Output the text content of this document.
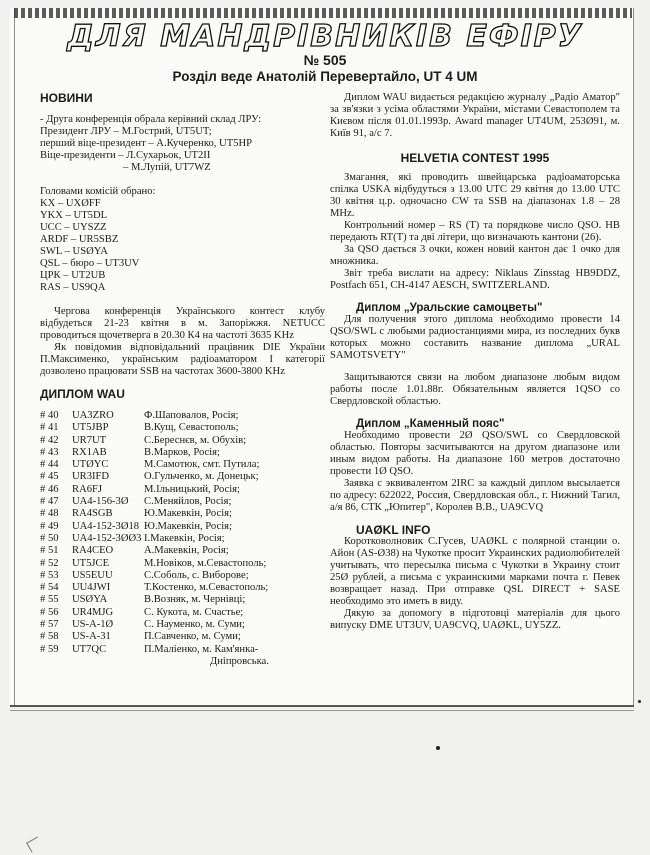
ДЛЯ МАНДРІВНИКІВ ЕФІРУ
№ 505
Розділ веде Анатолій Перевертайло, UT 4 UM

НОВИНИ

- Друга конференція обрала керівний склад ЛРУ:

Президент ЛРУ – М.Гострий, UT5UT;

перший віце-президент – А.Кучеренко, UT5HP

Віце-президенти – Л.Сухарьок, UT2II

– М.Лупій, UT7WZ

Головами комісій обрано:

KX – UXØFF
YKX – UT5DL
UCC – UYSZZ
ARDF – UR5SBZ
SWL – USØYA
QSL – бюро – UT3UV
ЦРК – UT2UB
RAS – US9QA

Чергова конференція Українського контест клубу відбудеться 21-23 квітня в м. Запоріжжя. NETUCC проводиться щочетверга в 20.30 К4 на частоті 3635 KHz

Як повідомив відповідальний працівник DIE України П.Максименко, українським радіоаматором І категорії дозволено працювати SSB на частотах 3600-3800 KHz

ДИПЛОМ WAU

# 40	UA3ZRO	Ф.Шаповалов, Росія;
# 41	UT5JBP	В.Кущ, Севастополь;
# 42	UR7UT	С.Береснєв, м. Обухів;
# 43	RX1AB	В.Марков, Росія;
# 44	UTØYC	М.Самотюк, смт. Путила;
# 45	UR3IFD	О.Гульченко, м. Донецьк;
# 46	RA6FJ	М.Ільницький, Росія;
# 47	UA4-156-3Ø	С.Меняйлов, Росія;
# 48	RA4SGB	Ю.Макевкін, Росія;
# 49	UA4-152-3Ø18	Ю.Макевкін, Росія;
# 50	UA4-152-3ØØ3	І.Макевкін, Росія;
# 51	RA4CEO	А.Макевкін, Росія;
# 52	UT5JCE	М.Новіков, м.Севастополь;
# 53	US5EUU	С.Соболь, с. Виборове;
# 54	UU4JWI	Т.Костенко, м.Севастополь;
# 55	USØYA	В.Возняк, м. Чернівці;
# 56	UR4MJG	С. Кукота, м. Счастье;
# 57	US-A-1Ø	С. Науменко, м. Суми;
# 58	US-A-31	П.Савченко, м. Суми;
# 59	UT7QC	П.Маліенко, м. Кам'янка-

Дніпровська.

Диплом WAU видається редакцією журналу „Радіо Аматор" за зв'язки з усіма областями України, містами Севастополем та Києвом після 01.01.1993р. Award manager UT4UM, 253Ø91, м. Київ 91, а/с 7.

HELVETIA CONTEST 1995

Змагання, які проводить швейцарська радіоаматорська спілка USKA відбудуться з 13.00 UTC 29 квітня до 13.00 UTC 30 квітня ц.р. одночасно CW та SSB на діапазонах 1.8 – 28 MHz.

Контрольний номер – RS (T) та порядкове число QSO. HB передають RT(T) та дві літери, що визначають кантони (26).

За QSO дається 3 очки, кожен новий кантон дає 1 очко для множника.

Звіт треба вислати на адресу: Niklaus Zinsstag HB9DDZ, Postfach 651, CH-4147 AESCH, SWITZERLAND.

Диплом „Уральские самоцветы"

Для получения этого диплома необходимо провести 14 QSO/SWL с любыми радиостанциями мира, из последних букв которых можно составить название диплома „URAL SAMOTSVETY"

Защитываются связи на любом диапазоне любым видом работы после 1.01.88г. Обязательным является 1QSO со Свердловской областью.

Диплом „Каменный пояс"

Необходимо провести 2Ø QSO/SWL со Свердловской областью. Повторы засчитываются на другом диапазоне или иным видом работы. На диапазоне 160 метров достаточно провести 1Ø QSO.

Заявка с эквивалентом 2IRC за каждый диплом высылается по адресу: 622022, Россия, Свердловская обл., г. Нижний Тагил, а/я 86, СТК „Юпитер", Королев В.В., UA9CVQ

UAØKL INFO

Коротковолновик С.Гусев, UAØKL с полярной станции о. Айон (AS-Ø38) на Чукотке просит Украинских радиолюбителей учитывать, что пересылка письма с Чукотки в Украину стоит 25Ø рублей, а письма с украинскими марками почта г. Певек возвращает назад. При отправке QSL DIRECT + SASE необходимо это иметь в виду.

Дякую за допомогу в підготовці матеріалів для цього випуску DME UT3UV, UA9CVQ, UAØKL, UY5ZZ.
